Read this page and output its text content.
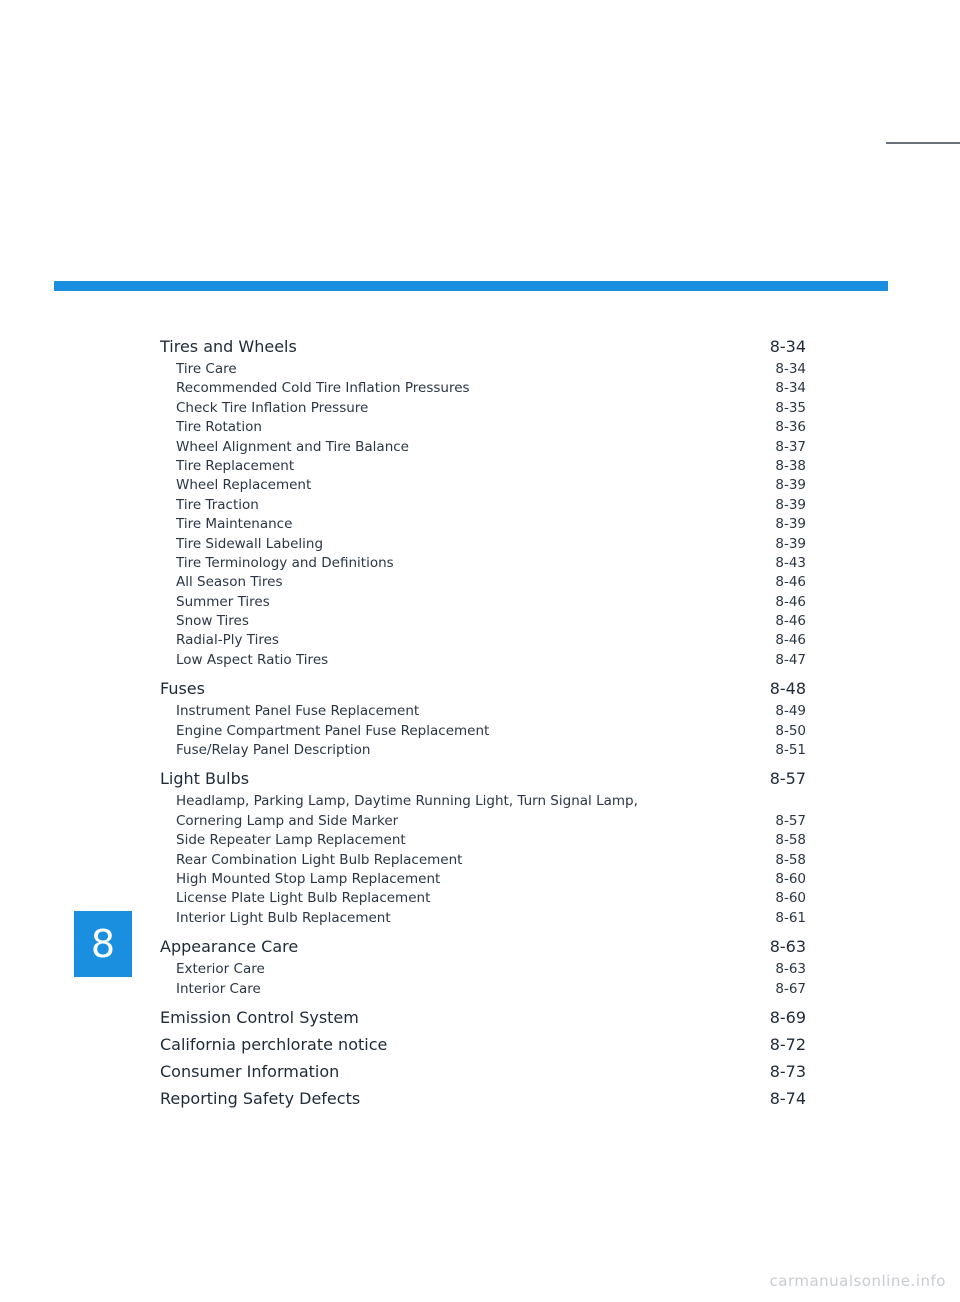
8
Tires and Wheels	8-34
Tire Care	8-34
Recommended Cold Tire Inflation Pressures	8-34
Check Tire Inflation Pressure	8-35
Tire Rotation	8-36
Wheel Alignment and Tire Balance	8-37
Tire Replacement	8-38
Wheel Replacement	8-39
Tire Traction	8-39
Tire Maintenance	8-39
Tire Sidewall Labeling	8-39
Tire Terminology and Definitions	8-43
All Season Tires	8-46
Summer Tires	8-46
Snow Tires	8-46
Radial-Ply Tires	8-46
Low Aspect Ratio Tires	8-47
Fuses	8-48
Instrument Panel Fuse Replacement	8-49
Engine Compartment Panel Fuse Replacement	8-50
Fuse/Relay Panel Description	8-51
Light Bulbs	8-57
Headlamp, Parking Lamp, Daytime Running Light, Turn Signal Lamp,
Cornering Lamp and Side Marker	8-57
Side Repeater Lamp Replacement	8-58
Rear Combination Light Bulb Replacement	8-58
High Mounted Stop Lamp Replacement	8-60
License Plate Light Bulb Replacement	8-60
Interior Light Bulb Replacement	8-61
Appearance Care	8-63
Exterior Care	8-63
Interior Care	8-67
Emission Control System	8-69
California perchlorate notice	8-72
Consumer Information	8-73
Reporting Safety Defects	8-74
carmanualsonline.info
